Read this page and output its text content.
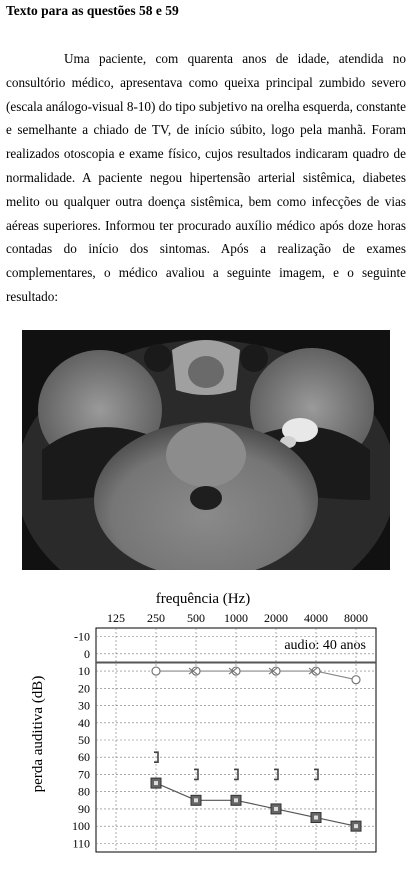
Texto para as questões 58 e 59

Uma paciente, com quarenta anos de idade, atendida no consultório médico, apresentava como queixa principal zumbido severo (escala análogo-visual 8-10) do tipo subjetivo na orelha esquerda, constante e semelhante a chiado de TV, de início súbito, logo pela manhã. Foram realizados otoscopia e exame físico, cujos resultados indicaram quadro de normalidade. A paciente negou hipertensão arterial sistêmica, diabetes melito ou qualquer outra doença sistêmica, bem como infecções de vias aéreas superiores. Informou ter procurado auxílio médico após doze horas contadas do início dos sintomas. Após a realização de exames complementares, o médico avaliou a seguinte imagem, e o seguinte resultado:

frequência (Hz)
perda auditiva (dB)
-10
0
10
20
30
40
50
60
70
80
90
100
110
125 250 500 1000 2000 4000 8000
audio: 40 anos
